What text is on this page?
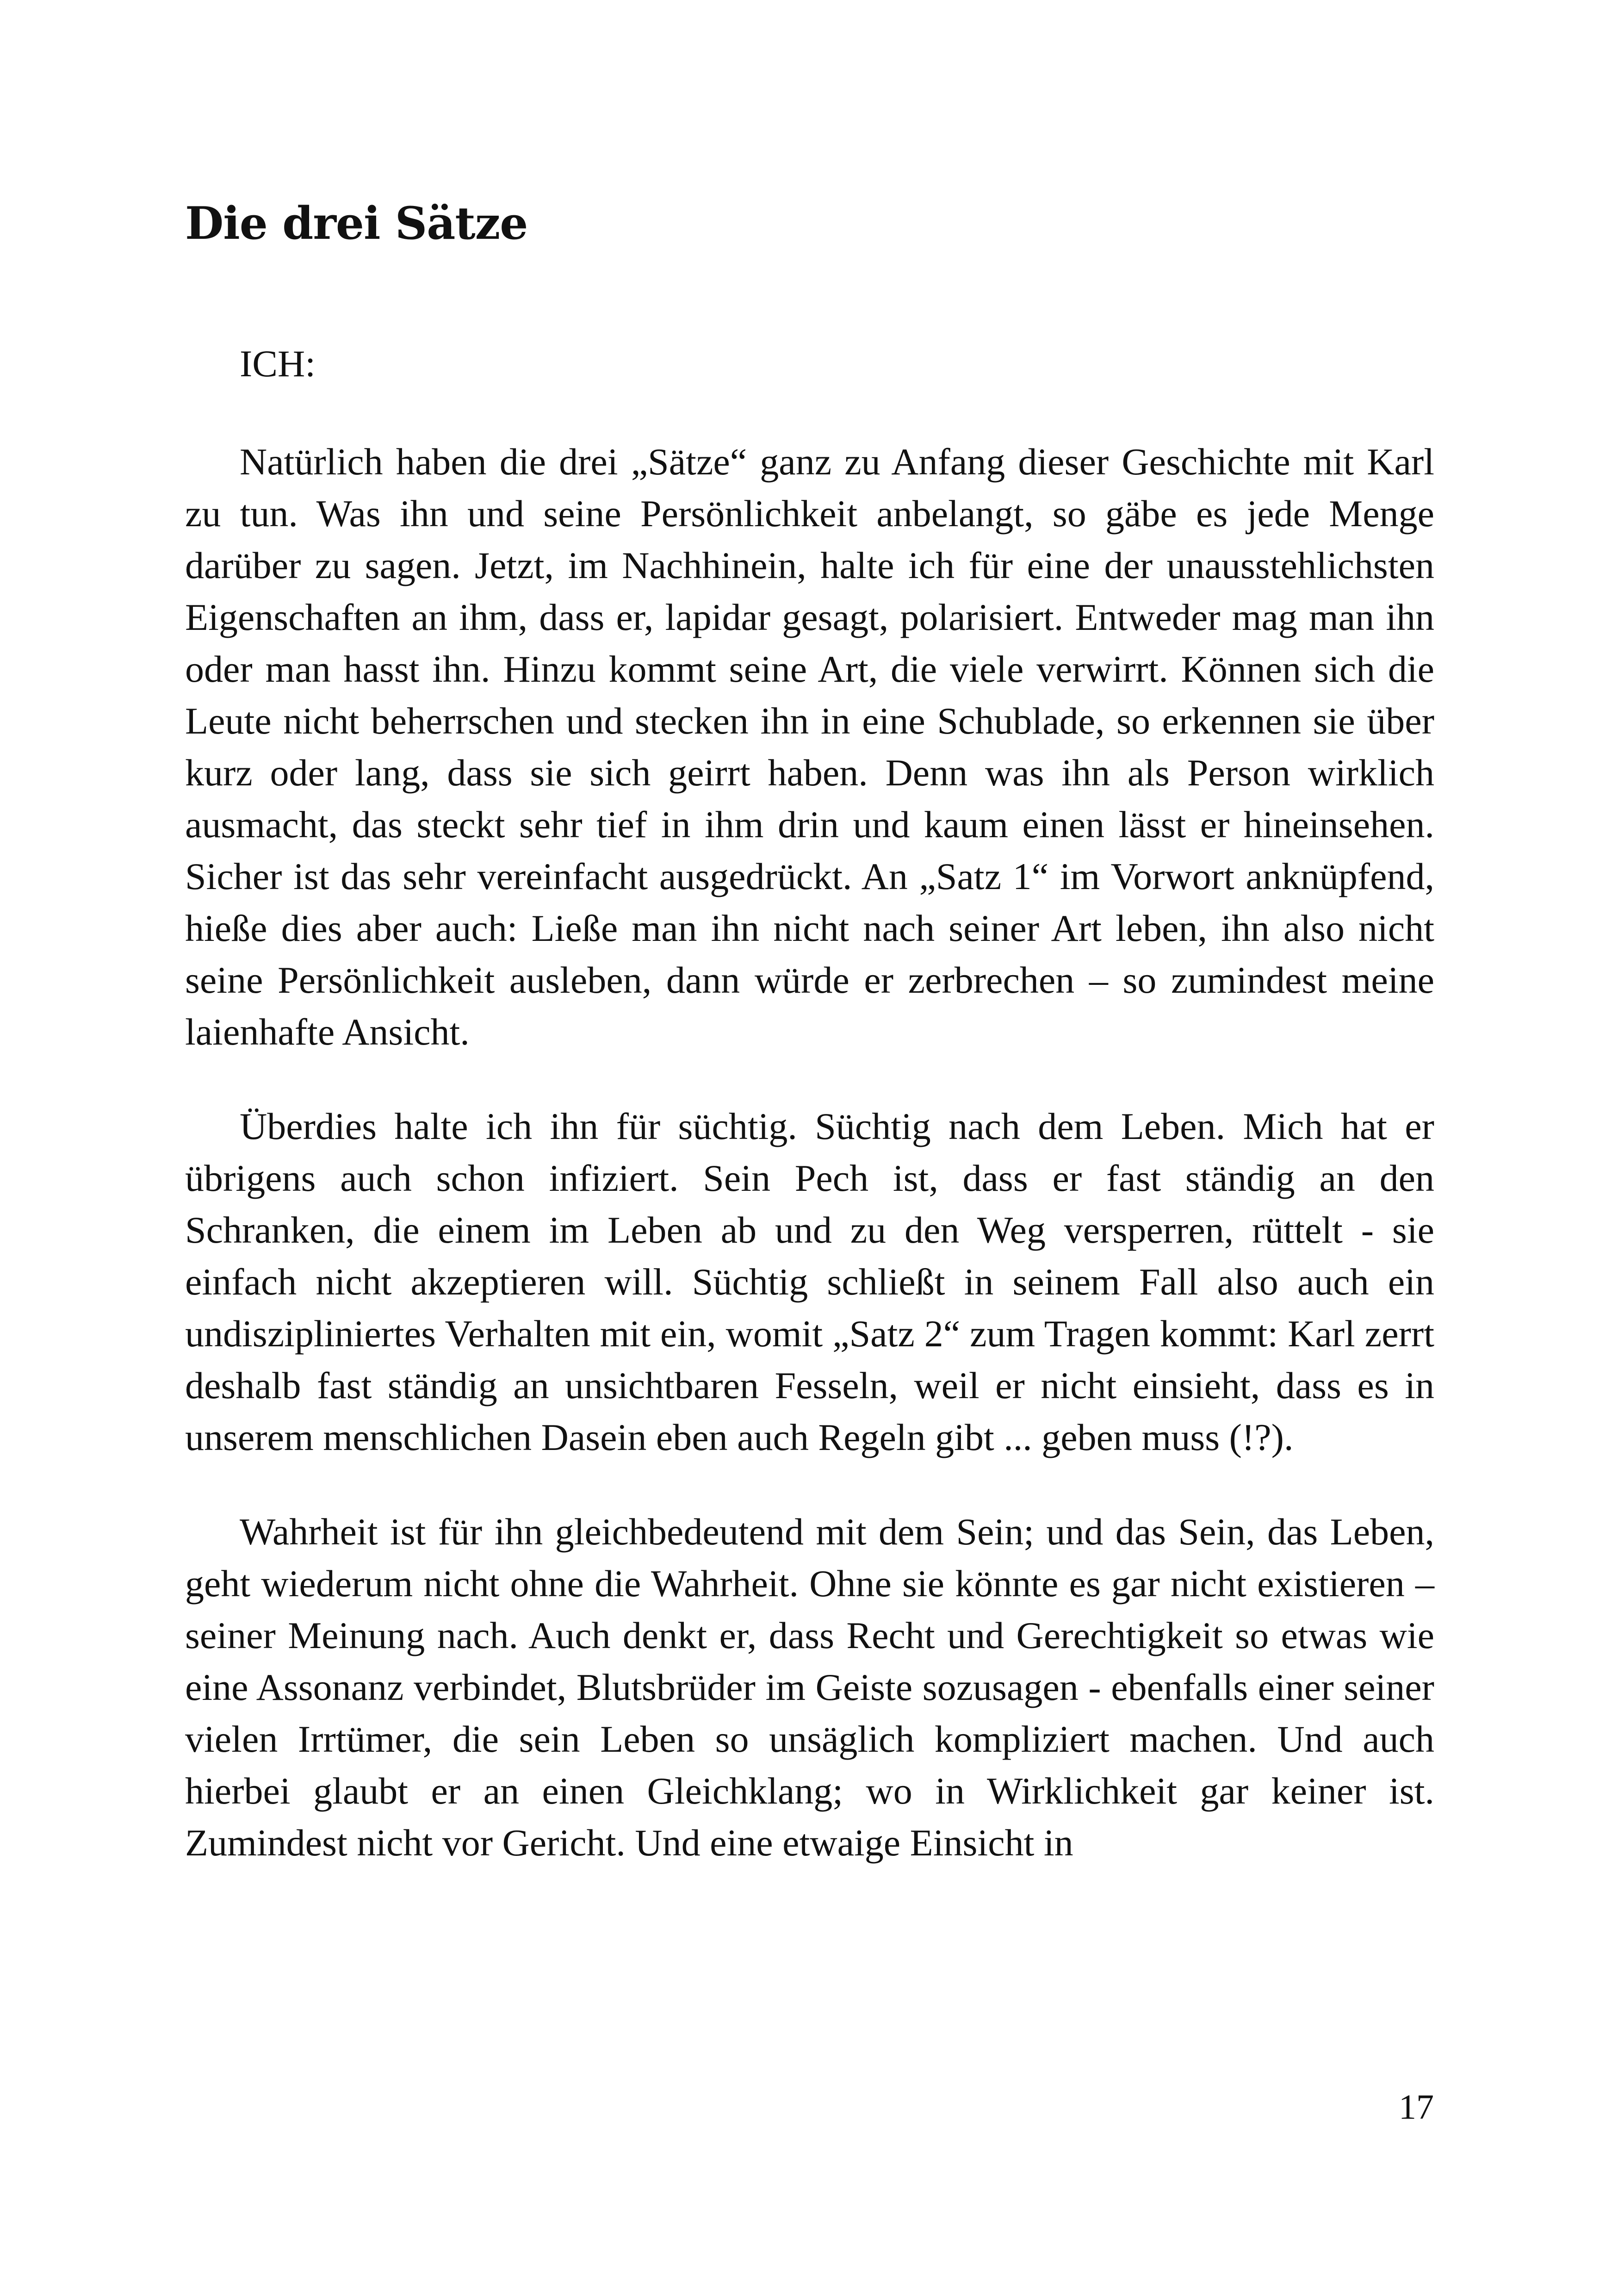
Die drei Sätze

ICH:

Natürlich haben die drei „Sätze“ ganz zu Anfang dieser Geschichte mit Karl zu tun. Was ihn und seine Persönlichkeit anbelangt, so gäbe es jede Menge darüber zu sagen. Jetzt, im Nachhinein, halte ich für eine der unausstehlichsten Eigenschaften an ihm, dass er, lapidar gesagt, polarisiert. Entweder mag man ihn oder man hasst ihn. Hinzu kommt seine Art, die viele verwirrt. Können sich die Leute nicht beherrschen und stecken ihn in eine Schublade, so erkennen sie über kurz oder lang, dass sie sich geirrt haben. Denn was ihn als Person wirklich ausmacht, das steckt sehr tief in ihm drin und kaum einen lässt er hineinsehen. Sicher ist das sehr vereinfacht ausgedrückt. An „Satz 1“ im Vorwort anknüpfend, hieße dies aber auch: Ließe man ihn nicht nach seiner Art leben, ihn also nicht seine Persönlichkeit ausleben, dann würde er zerbrechen – so zumindest meine laienhafte Ansicht.

Überdies halte ich ihn für süchtig. Süchtig nach dem Leben. Mich hat er übrigens auch schon infiziert. Sein Pech ist, dass er fast ständig an den Schranken, die einem im Leben ab und zu den Weg versperren, rüttelt - sie einfach nicht akzeptieren will. Süchtig schließt in seinem Fall also auch ein undiszipliniertes Verhalten mit ein, womit „Satz 2“ zum Tragen kommt: Karl zerrt deshalb fast ständig an unsichtbaren Fesseln, weil er nicht einsieht, dass es in unserem menschlichen Dasein eben auch Regeln gibt ... geben muss (!?).

Wahrheit ist für ihn gleichbedeutend mit dem Sein; und das Sein, das Leben, geht wiederum nicht ohne die Wahrheit. Ohne sie könnte es gar nicht existieren – seiner Meinung nach. Auch denkt er, dass Recht und Gerechtigkeit so etwas wie eine Assonanz verbindet, Blutsbrüder im Geiste sozusagen - ebenfalls einer seiner vielen Irrtümer, die sein Leben so unsäglich kompliziert machen. Und auch hierbei glaubt er an einen Gleichklang; wo in Wirklichkeit gar keiner ist. Zumindest nicht vor Gericht. Und eine etwaige Einsicht in

17
